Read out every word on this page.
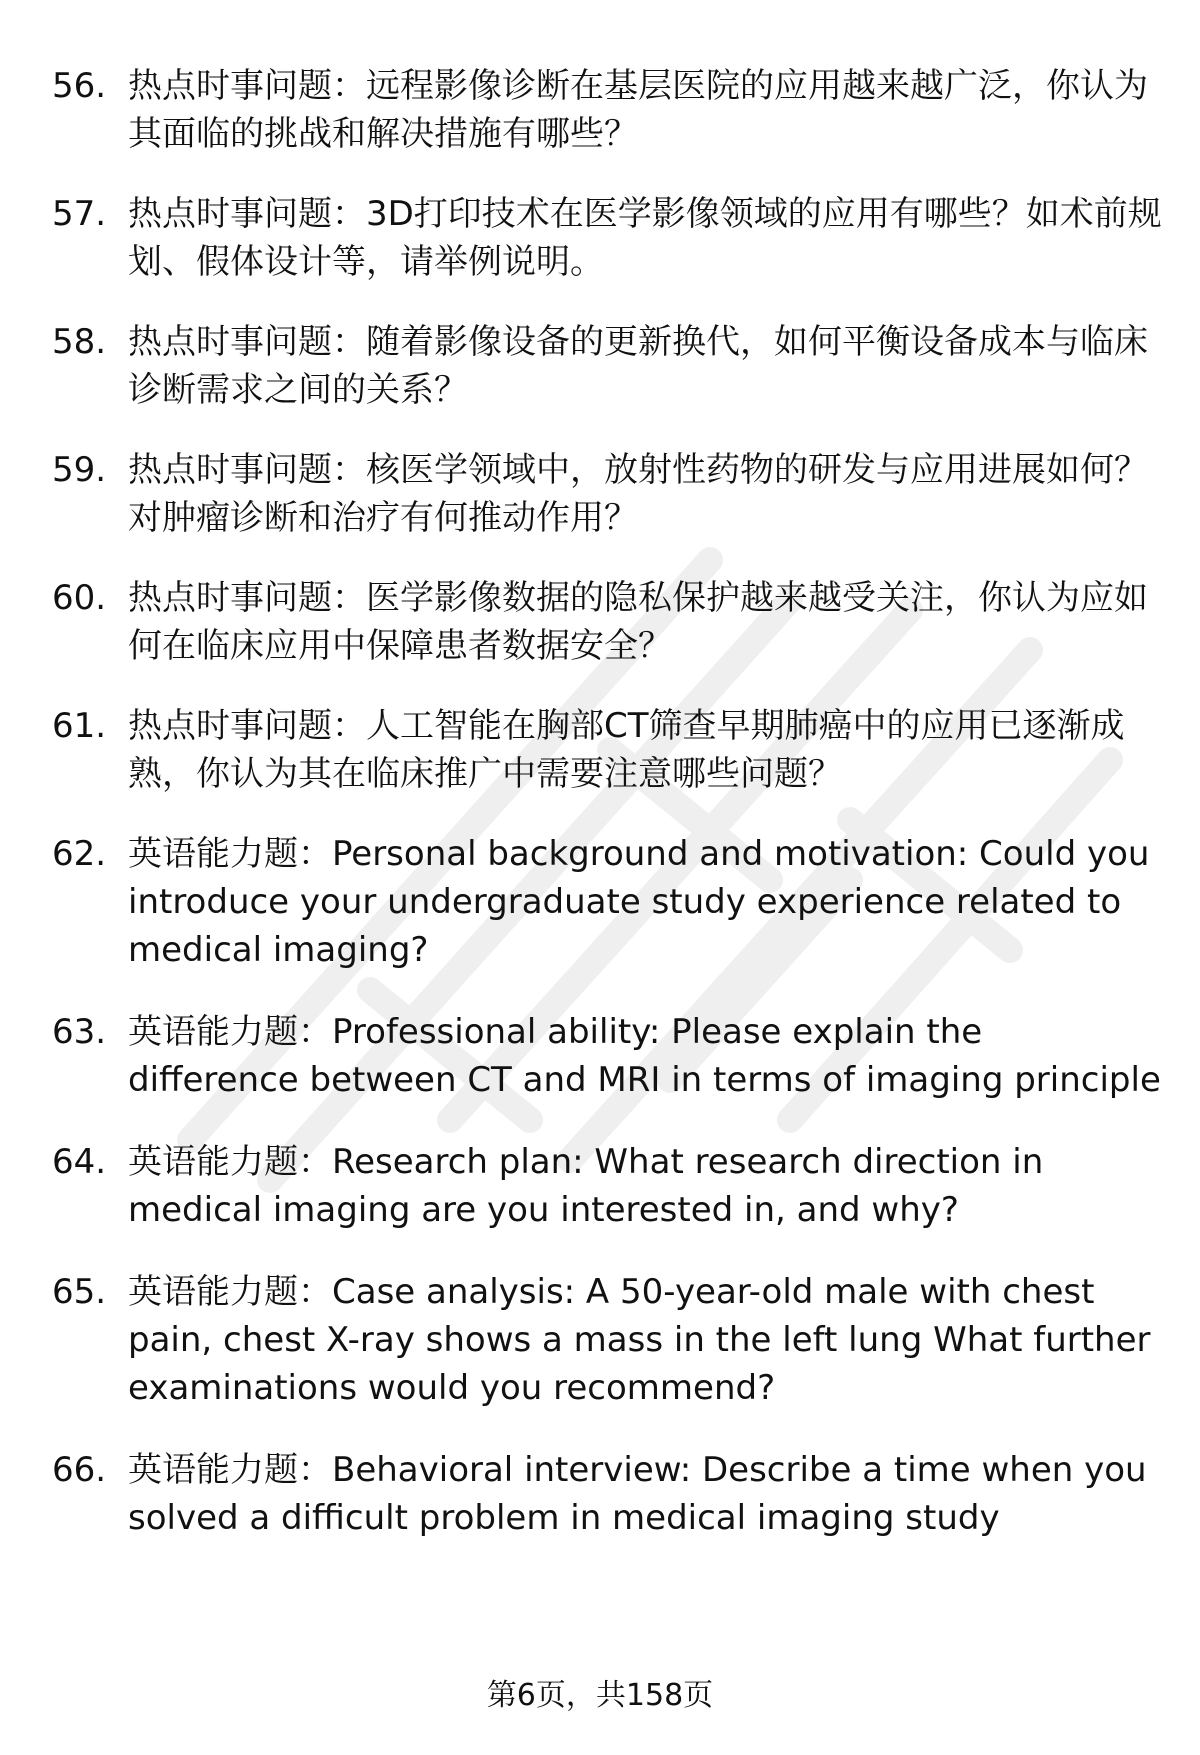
56. 热点时事问题：远程影像诊断在基层医院的应用越来越广泛，你认为其面临的挑战和解决措施有哪些？
57. 热点时事问题：3D打印技术在医学影像领域的应用有哪些？如术前规划、假体设计等，请举例说明。
58. 热点时事问题：随着影像设备的更新换代，如何平衡设备成本与临床诊断需求之间的关系？
59. 热点时事问题：核医学领域中，放射性药物的研发与应用进展如何？对肿瘤诊断和治疗有何推动作用？
60. 热点时事问题：医学影像数据的隐私保护越来越受关注，你认为应如何在临床应用中保障患者数据安全？
61. 热点时事问题：人工智能在胸部CT筛查早期肺癌中的应用已逐渐成熟，你认为其在临床推广中需要注意哪些问题？
62. 英语能力题：Personal background and motivation: Could you introduce your undergraduate study experience related to medical imaging?
63. 英语能力题：Professional ability: Please explain the difference between CT and MRI in terms of imaging principle
64. 英语能力题：Research plan: What research direction in medical imaging are you interested in, and why?
65. 英语能力题：Case analysis: A 50-year-old male with chest pain, chest X-ray shows a mass in the left lung What further examinations would you recommend?
66. 英语能力题：Behavioral interview: Describe a time when you solved a difficult problem in medical imaging study
第6页，共158页
